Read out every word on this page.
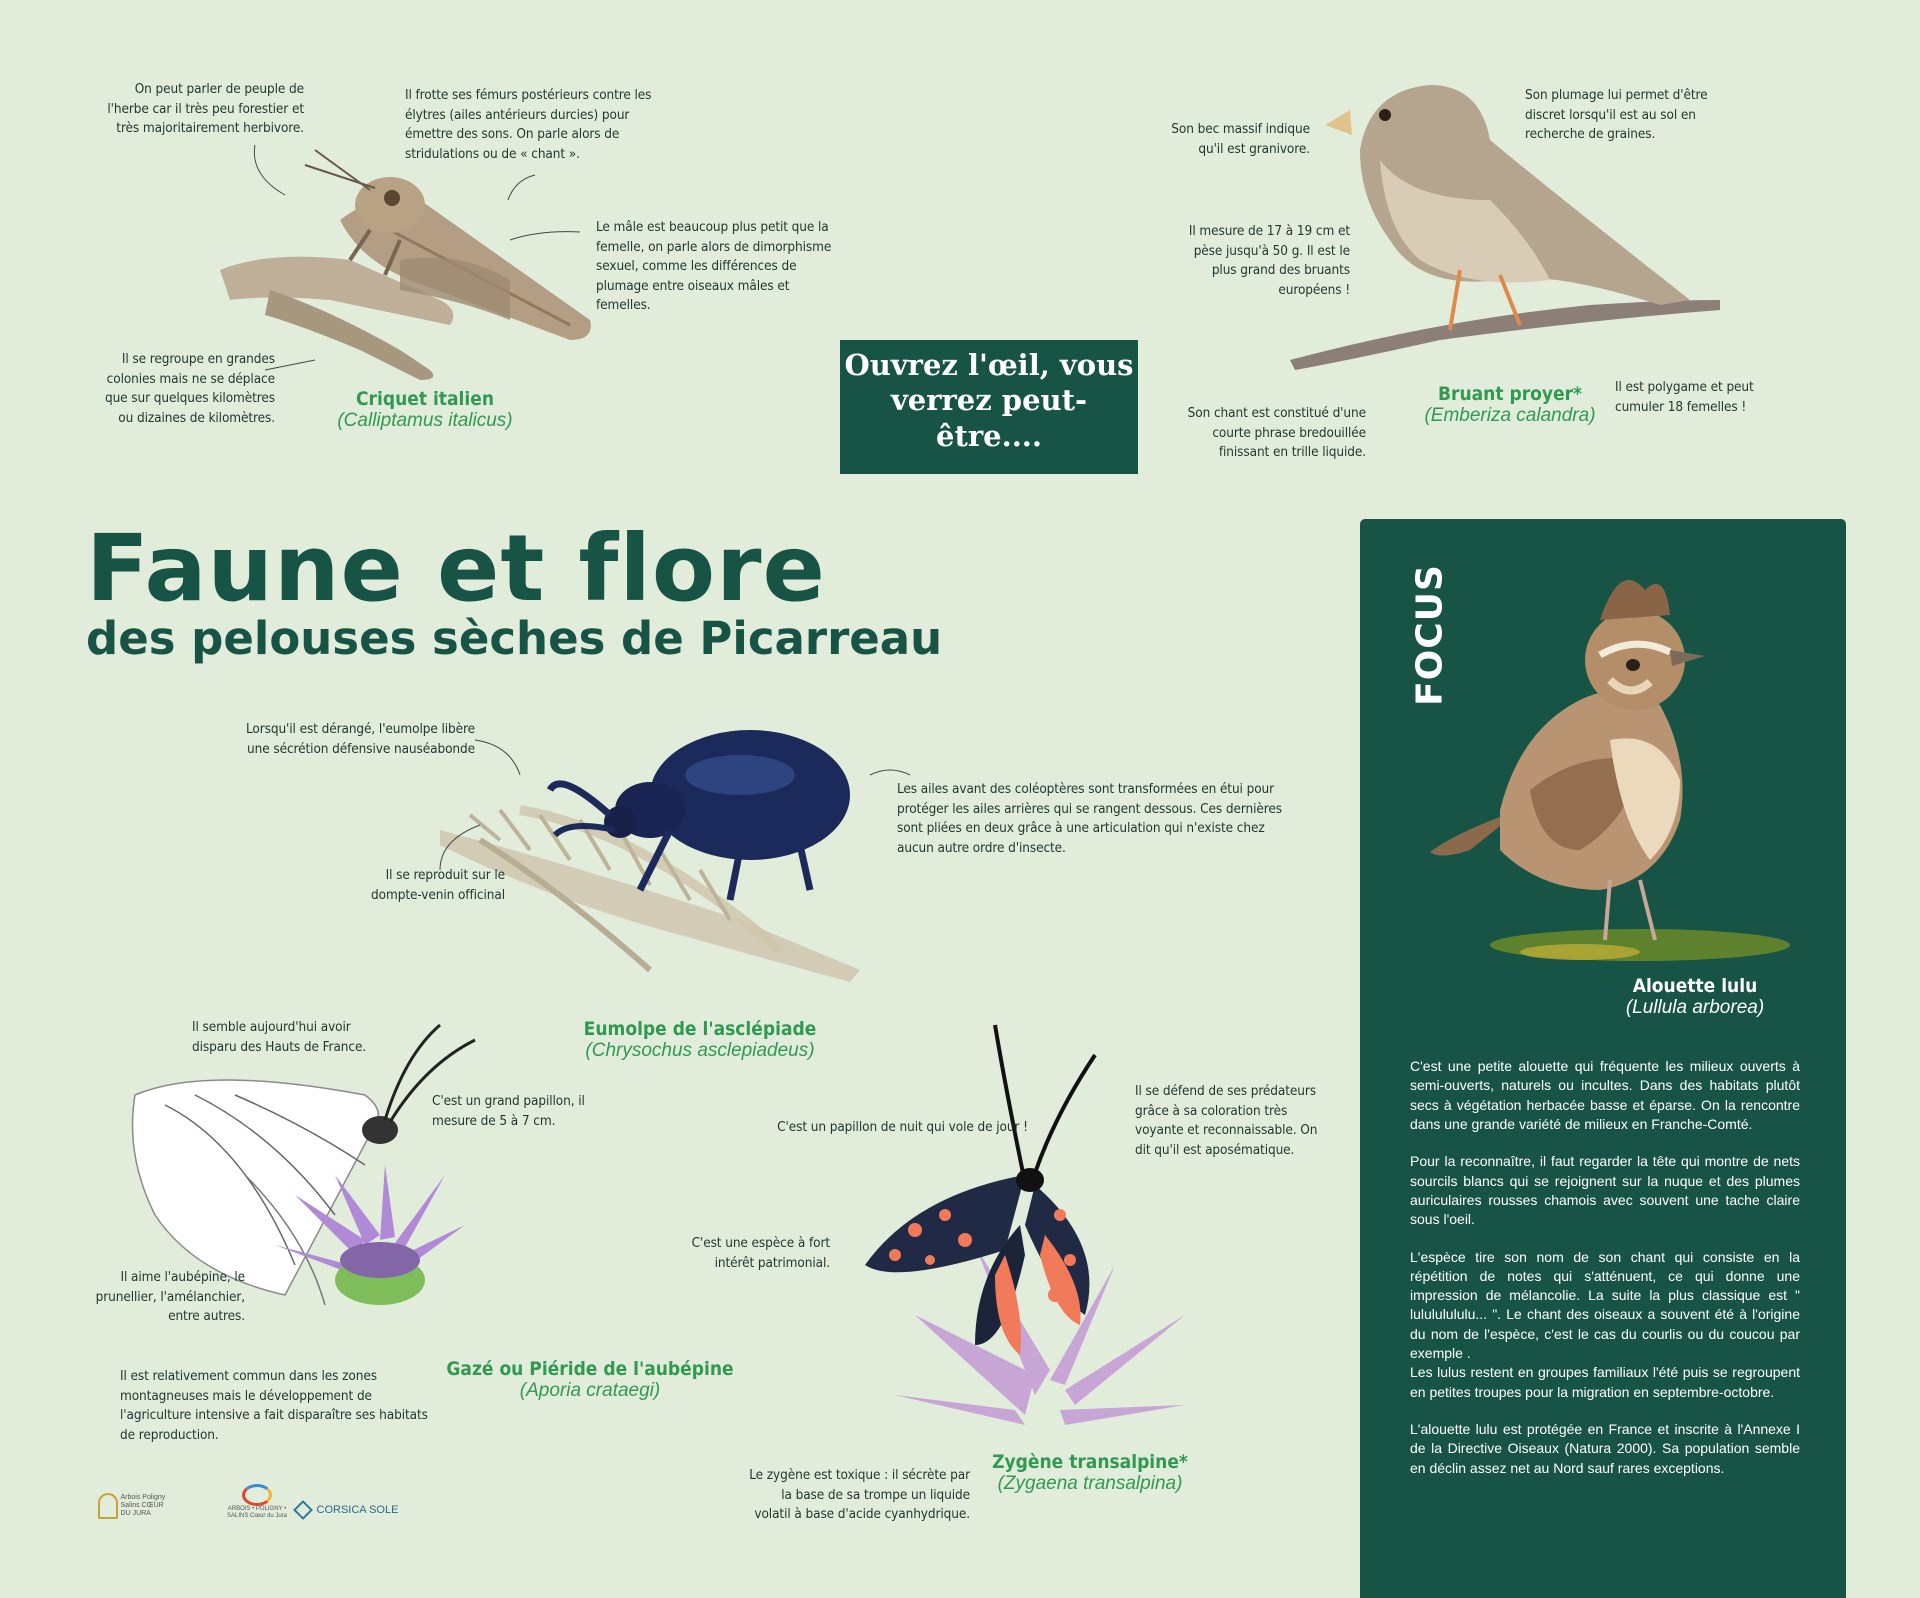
FOCUS
Alouette lulu
(Lullula arborea)

C'est une petite alouette qui fréquente les milieux ouverts à semi-ouverts, naturels ou incultes. Dans des habitats plutôt secs à végétation herbacée basse et éparse. On la rencontre dans une grande variété de milieux en Franche-Comté.

Pour la reconnaître, il faut regarder la tête qui montre de nets sourcils blancs qui se rejoignent sur la nuque et des plumes auriculaires rousses chamois avec souvent une tache claire sous l'oeil.

L'espèce tire son nom de son chant qui consiste en la répétition de notes qui s'atténuent, ce qui donne une impression de mélancolie. La suite la plus classique est " lulululululu... ". Le chant des oiseaux a souvent été à l'origine du nom de l'espèce, c'est le cas du courlis ou du coucou par exemple .

Les lulus restent en groupes familiaux l'été puis se regroupent en petites troupes pour la migration en septembre-octobre.

L'alouette lulu est protégée en France et inscrite à l'Annexe I de la Directive Oiseaux (Natura 2000). Sa population semble en déclin assez net au Nord sauf rares exceptions.

Faune et flore
des pelouses sèches de Picarreau
Ouvrez l'œil, vous verrez peut-être....
On peut parler de peuple de l'herbe car il très peu forestier et très majoritairement herbivore.
Il frotte ses fémurs postérieurs contre les élytres (ailes antérieurs durcies) pour émettre des sons. On parle alors de stridulations ou de « chant ».
Le mâle est beaucoup plus petit que la femelle, on parle alors de dimorphisme sexuel, comme les différences de plumage entre oiseaux mâles et femelles.
Il se regroupe en grandes colonies mais ne se déplace que sur quelques kilomètres ou dizaines de kilomètres.
Criquet italien
(Calliptamus italicus)
Son bec massif indique qu'il est granivore.
Son plumage lui permet d'être discret lorsqu'il est au sol en recherche de graines.
Il mesure de 17 à 19 cm et pèse jusqu'à 50 g. Il est le plus grand des bruants européens !
Son chant est constitué d'une courte phrase bredouillée finissant en trille liquide.
Il est polygame et peut cumuler 18 femelles !
Bruant proyer*
(Emberiza calandra)
Lorsqu'il est dérangé, l'eumolpe libère une sécrétion défensive nauséabonde
Les ailes avant des coléoptères sont transformées en étui pour protéger les ailes arrières qui se rangent dessous. Ces dernières sont pliées en deux grâce à une articulation qui n'existe chez aucun autre ordre d'insecte.
Il se reproduit sur le dompte-venin officinal
Eumolpe de l'asclépiade
(Chrysochus asclepiadeus)
Il semble aujourd'hui avoir disparu des Hauts de France.
C'est un grand papillon, il mesure de 5 à 7 cm.
Il aime l'aubépine, le prunellier, l'amélanchier, entre autres.
Il est relativement commun dans les zones montagneuses mais le développement de l'agriculture intensive a fait disparaître ses habitats de reproduction.
Gazé ou Piéride de l'aubépine
(Aporia crataegi)
C'est un papillon de nuit qui vole de jour !
Il se défend de ses prédateurs grâce à sa coloration très voyante et reconnaissable. On dit qu'il est aposématique.
C'est une espèce à fort intérêt patrimonial.
Le zygène est toxique : il sécrète par la base de sa trompe un liquide volatil à base d'acide cyanhydrique.
Zygène transalpine*
(Zygaena transalpina)
Arbois Poligny Salins CŒUR DU JURA
ARBOIS • POLIGNY • SALINS Cœur du Jura
CORSICA SOLE
